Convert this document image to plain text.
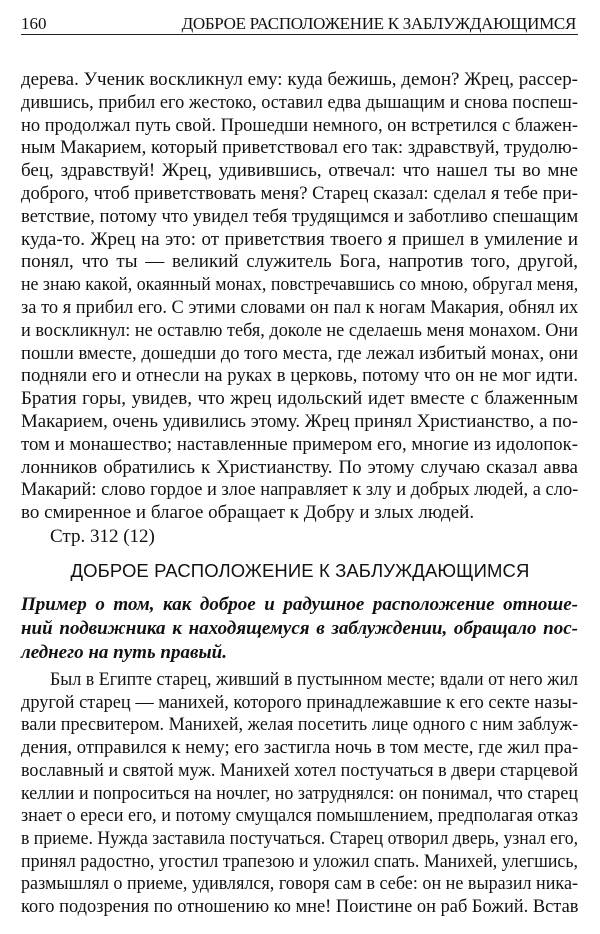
160	ДОБРОЕ РАСПОЛОЖЕНИЕ К ЗАБЛУЖДАЮЩИМСЯ
дерева. Ученик воскликнул ему: куда бежишь, демон? Жрец, рассер-
дившись, прибил его жестоко, оставил едва дышащим и снова поспеш-
но продолжал путь свой. Прошедши немного, он встретился с блажен-
ным Макарием, который приветствовал его так: здравствуй, трудолю-
бец, здравствуй! Жрец, удивившись, отвечал: что нашел ты во мне
доброго, чтоб приветствовать меня? Старец сказал: сделал я тебе при-
ветствие, потому что увидел тебя трудящимся и заботливо спешащим
куда-то. Жрец на это: от приветствия твоего я пришел в умиление и
понял, что ты — великий служитель Бога, напротив того, другой,
не знаю какой, окаянный монах, повстречавшись со мною, обругал меня,
за то я прибил его. С этими словами он пал к ногам Макария, обнял их
и воскликнул: не оставлю тебя, доколе не сделаешь меня монахом. Они
пошли вместе, дошедши до того места, где лежал избитый монах, они
подняли его и отнесли на руках в церковь, потому что он не мог идти.
Братия горы, увидев, что жрец идольский идет вместе с блаженным
Макарием, очень удивились этому. Жрец принял Христианство, а по-
том и монашество; наставленные примером его, многие из идолопок-
лонников обратились к Христианству. По этому случаю сказал авва
Макарий: слово гордое и злое направляет к злу и добрых людей, а сло-
во смиренное и благое обращает к Добру и злых людей.
Стр. 312 (12)
ДОБРОЕ РАСПОЛОЖЕНИЕ К ЗАБЛУЖДАЮЩИМСЯ
Пример о том, как доброе и радушное расположение отноше-
ний подвижника к находящемуся в заблуждении, обращало пос-
леднего на путь правый.
Был в Египте старец, живший в пустынном месте; вдали от него жил
другой старец — манихей, которого принадлежавшие к его секте назы-
вали пресвитером. Манихей, желая посетить лице одного с ним заблуж-
дения, отправился к нему; его застигла ночь в том месте, где жил пра-
вославный и святой муж. Манихей хотел постучаться в двери старцевой
келлии и попроситься на ночлег, но затруднялся: он понимал, что старец
знает о ереси его, и потому смущался помышлением, предполагая отказ
в приеме. Нужда заставила постучаться. Старец отворил дверь, узнал его,
принял радостно, угостил трапезою и уложил спать. Манихей, улегшись,
размышлял о приеме, удивлялся, говоря сам в себе: он не выразил ника-
кого подозрения по отношению ко мне! Поистине он раб Божий. Встав
